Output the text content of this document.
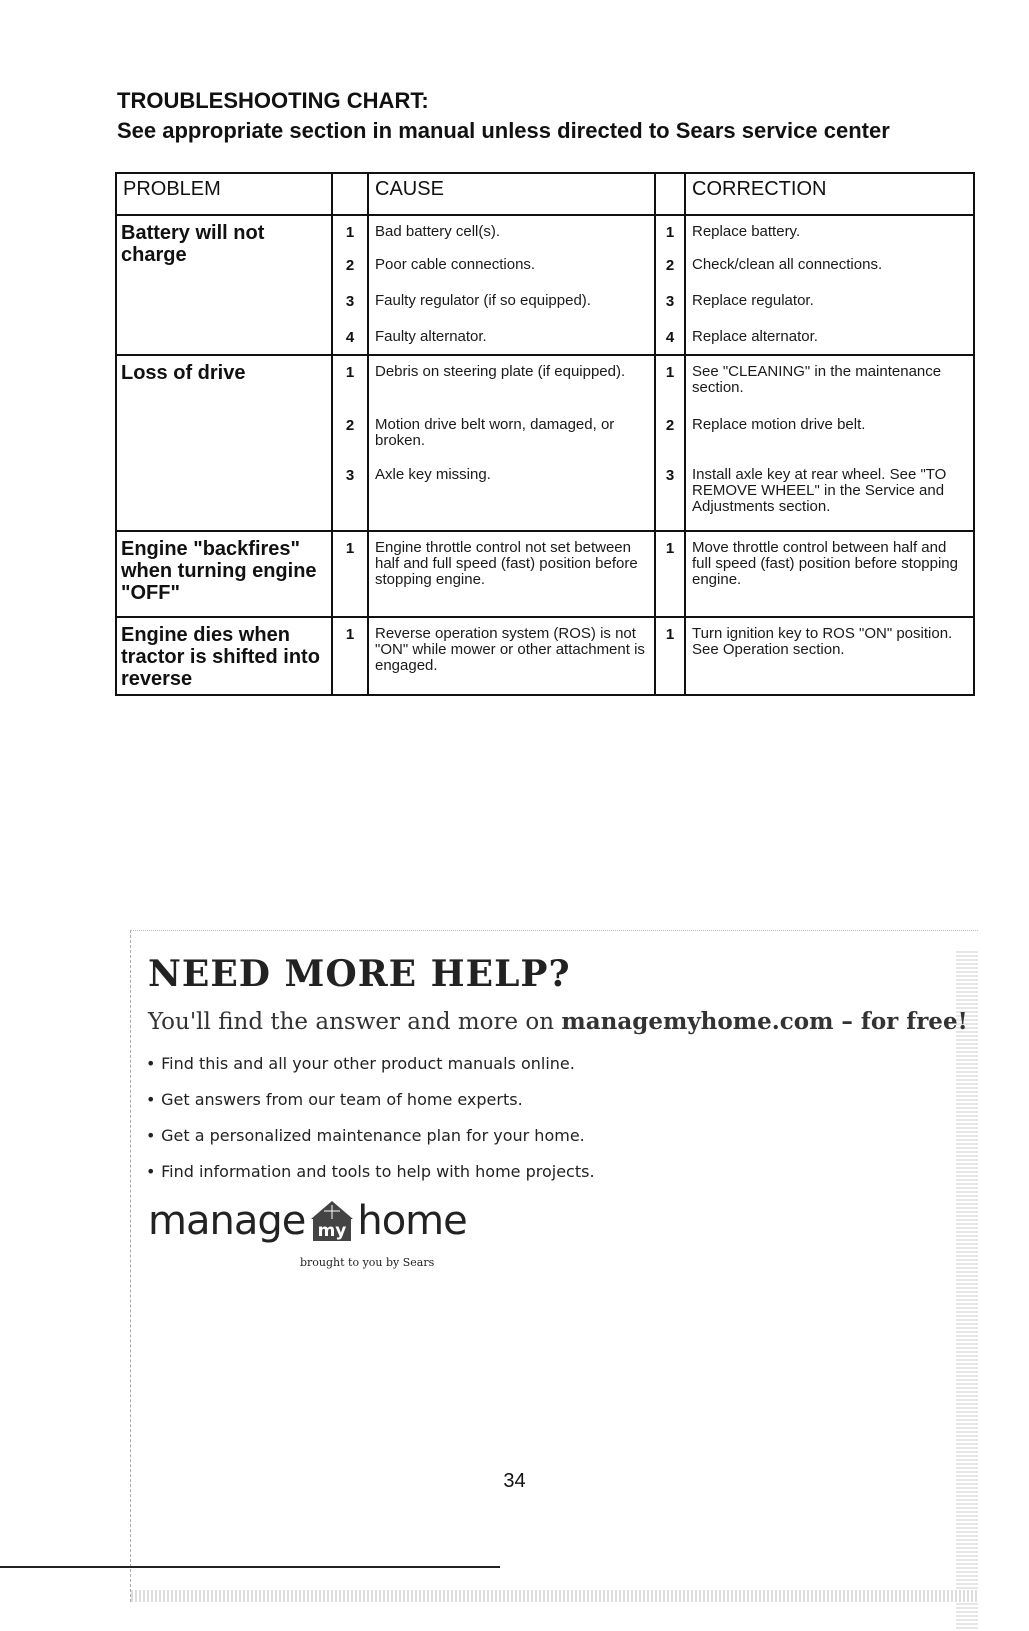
TROUBLESHOOTING CHART:
See appropriate section in manual unless directed to Sears service center
PROBLEM		CAUSE		CORRECTION
Battery will not charge	1	Bad battery cell(s).	1	Replace battery.
	2	Poor cable connections.	2	Check/clean all connections.
	3	Faulty regulator (if so equipped).	3	Replace regulator.
	4	Faulty alternator.	4	Replace alternator.
Loss of drive	1	Debris on steering plate (if equipped).	1	See "CLEANING" in the maintenance section.
	2	Motion drive belt worn, damaged, or broken.	2	Replace motion drive belt.
	3	Axle key missing.	3	Install axle key at rear wheel. See "TO REMOVE WHEEL" in the Service and Adjustments section.
Engine "backfires" when turning engine "OFF"	1	Engine throttle control not set between half and full speed (fast) position before stopping engine.	1	Move throttle control between half and full speed (fast) position before stopping engine.
Engine dies when tractor is shifted into reverse	1	Reverse operation system (ROS) is not "ON" while mower or other attachment is engaged.	1	Turn ignition key to ROS "ON" position. See Operation section.
NEED MORE HELP?
You'll find the answer and more on managemyhome.com – for free!
• Find this and all your other product manuals online.
• Get answers from our team of home experts.
• Get a personalized maintenance plan for your home.
• Find information and tools to help with home projects.
manage my home
brought to you by Sears
34
